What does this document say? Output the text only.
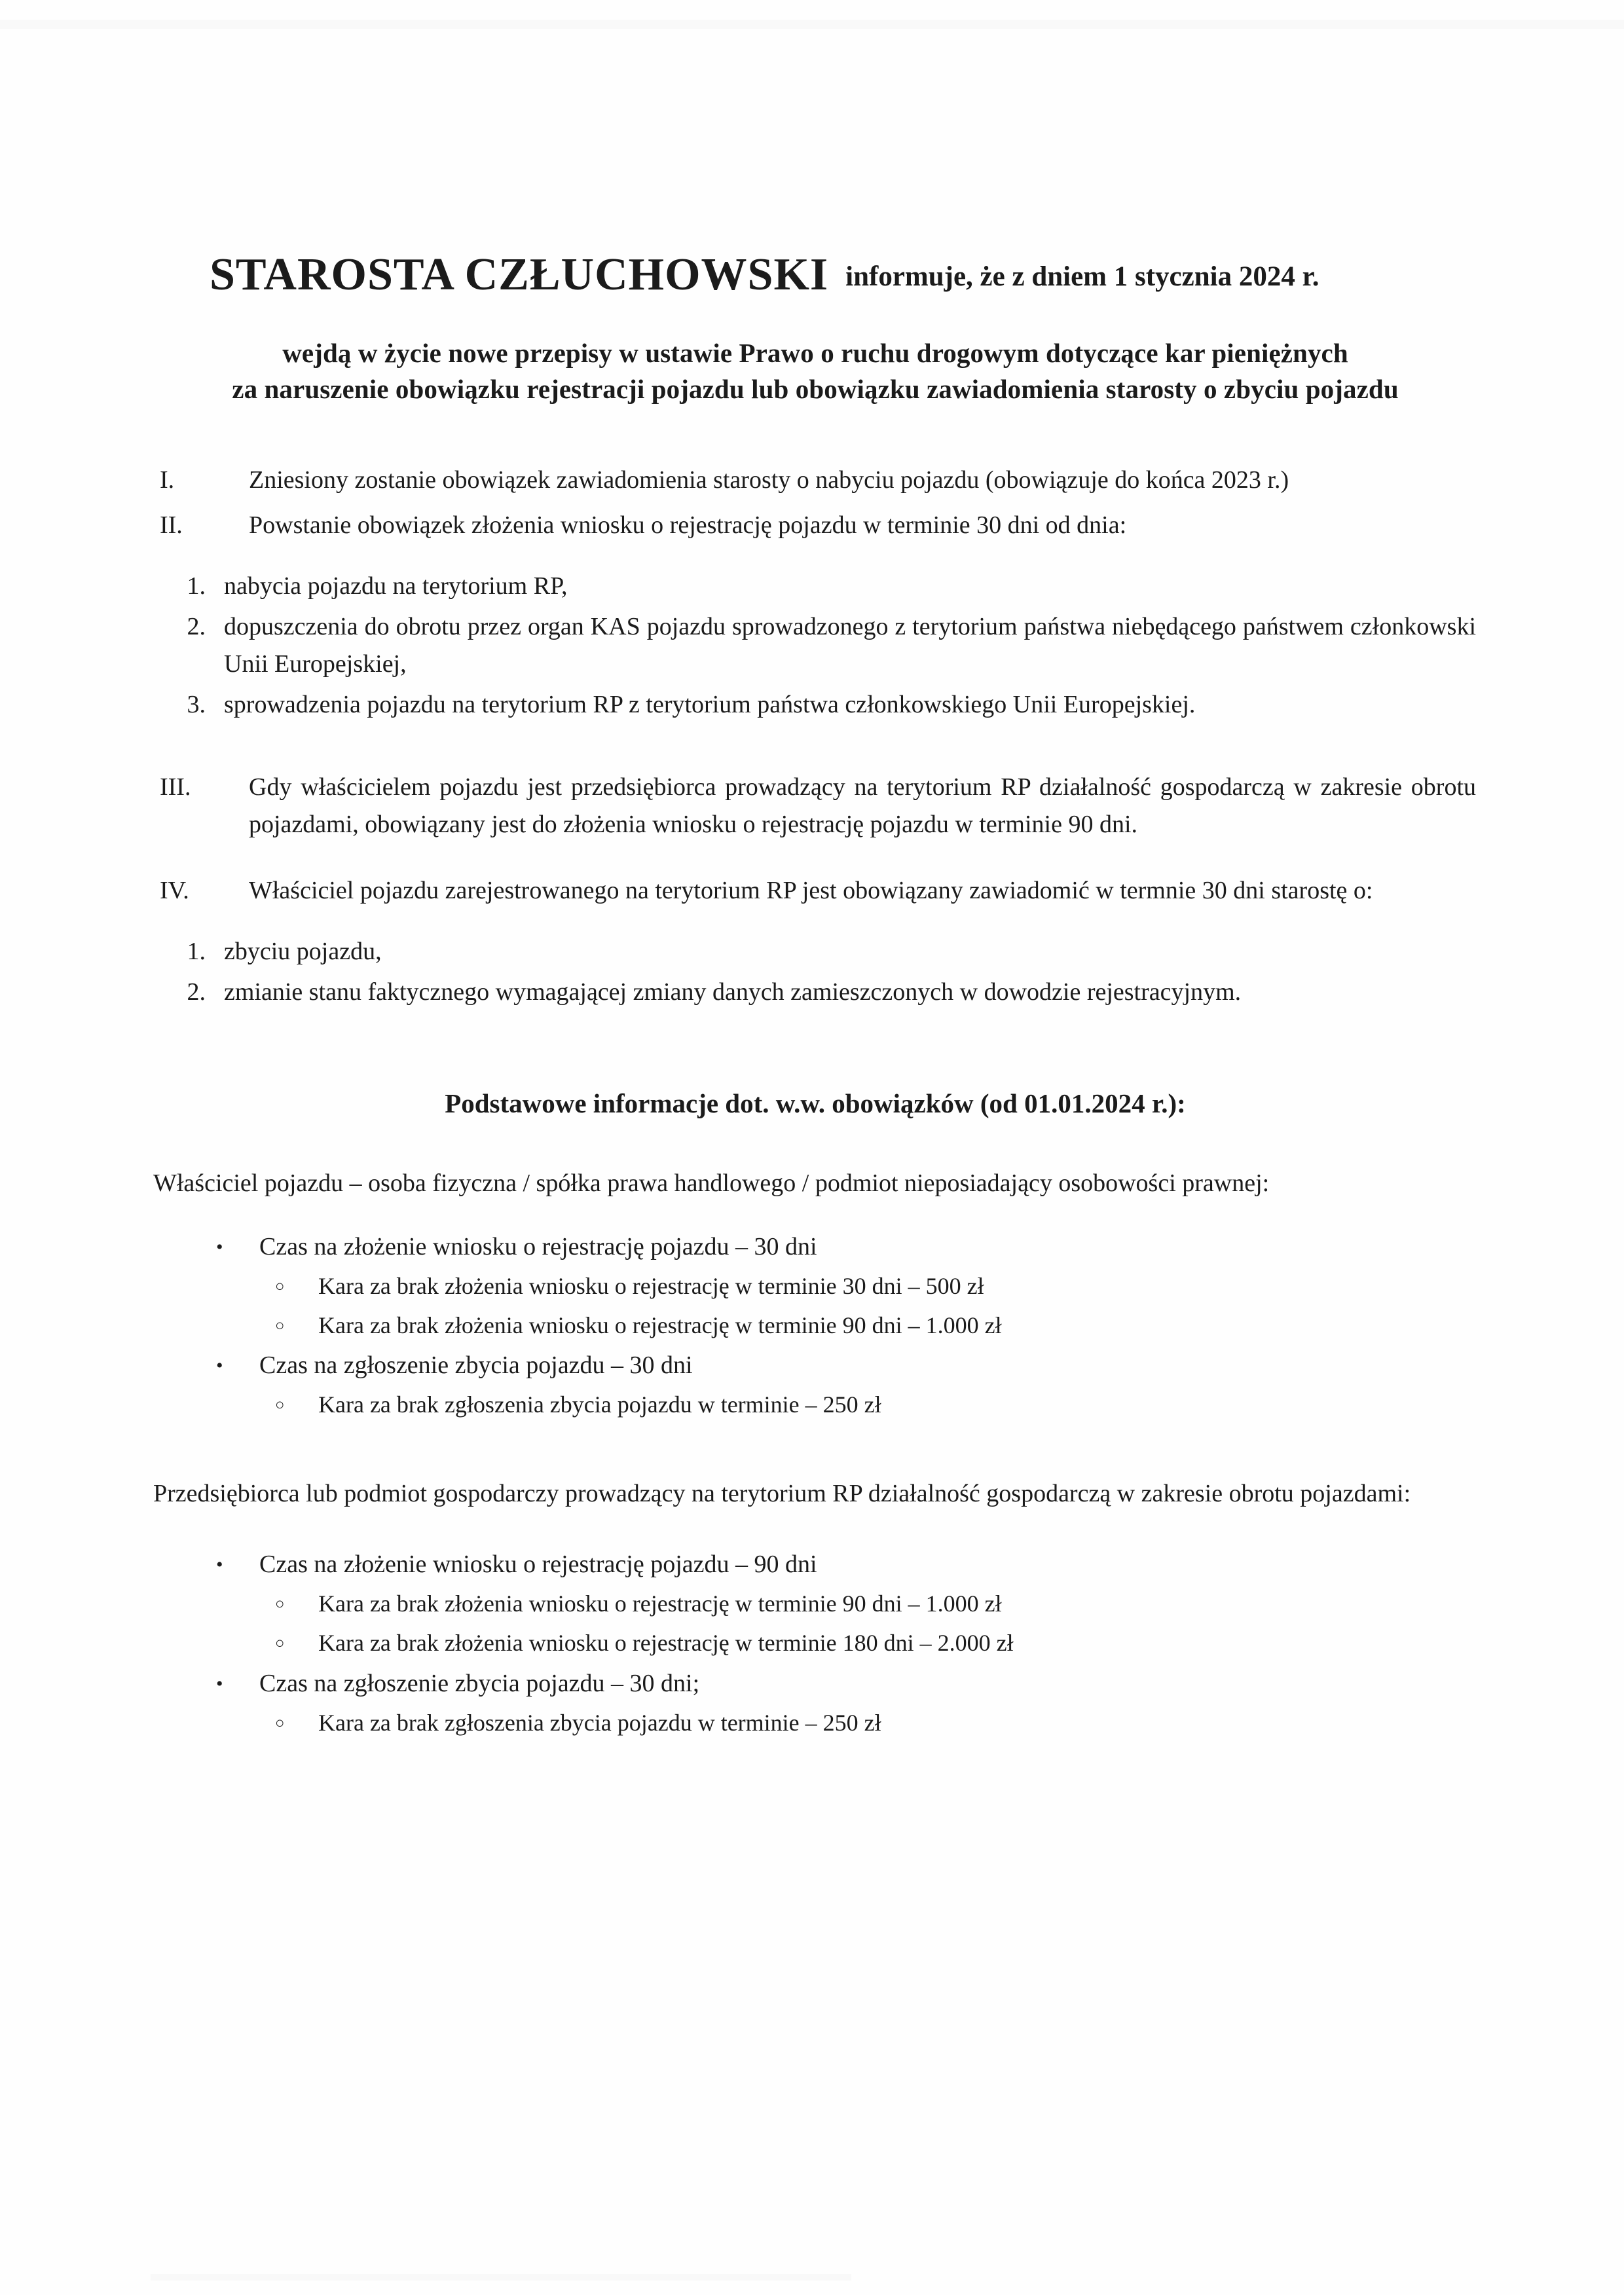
STAROSTA CZŁUCHOWSKI informuje, że z dniem 1 stycznia 2024 r.
wejdą w życie nowe przepisy w ustawie Prawo o ruchu drogowym dotyczące kar pieniężnych
za naruszenie obowiązku rejestracji pojazdu lub obowiązku zawiadomienia starosty o zbyciu pojazdu
I.	Zniesiony zostanie obowiązek zawiadomienia starosty o nabyciu pojazdu (obowiązuje do końca 2023 r.)
II.	Powstanie obowiązek złożenia wniosku o rejestrację pojazdu w terminie 30 dni od dnia:
1. nabycia pojazdu na terytorium RP,
2. dopuszczenia do obrotu przez organ KAS pojazdu sprowadzonego z terytorium państwa niebędącego państwem członkowski Unii Europejskiej,
3. sprowadzenia pojazdu na terytorium RP z terytorium państwa członkowskiego Unii Europejskiej.
III.	Gdy właścicielem pojazdu jest przedsiębiorca prowadzący na terytorium RP działalność gospodarczą w zakresie obrotu pojazdami, obowiązany jest do złożenia wniosku o rejestrację pojazdu w terminie 90 dni.
IV.	Właściciel pojazdu zarejestrowanego na terytorium RP jest obowiązany zawiadomić w termnie 30 dni starostę o:
1. zbyciu pojazdu,
2. zmianie stanu faktycznego wymagającej zmiany danych zamieszczonych w dowodzie rejestracyjnym.
Podstawowe informacje dot. w.w. obowiązków (od 01.01.2024 r.):
Właściciel pojazdu – osoba fizyczna / spółka prawa handlowego / podmiot nieposiadający osobowości prawnej:
•	Czas na złożenie wniosku o rejestrację pojazdu – 30 dni
○	Kara za brak złożenia wniosku o rejestrację w terminie 30 dni – 500 zł
○	Kara za brak złożenia wniosku o rejestrację w terminie 90 dni – 1.000 zł
•	Czas na zgłoszenie zbycia pojazdu – 30 dni
○	Kara za brak zgłoszenia zbycia pojazdu w terminie – 250 zł
Przedsiębiorca lub podmiot gospodarczy prowadzący na terytorium RP działalność gospodarczą w zakresie obrotu pojazdami:
•	Czas na złożenie wniosku o rejestrację pojazdu – 90 dni
○	Kara za brak złożenia wniosku o rejestrację w terminie 90 dni – 1.000 zł
○	Kara za brak złożenia wniosku o rejestrację w terminie 180 dni – 2.000 zł
•	Czas na zgłoszenie zbycia pojazdu – 30 dni;
○	Kara za brak zgłoszenia zbycia pojazdu w terminie – 250 zł
